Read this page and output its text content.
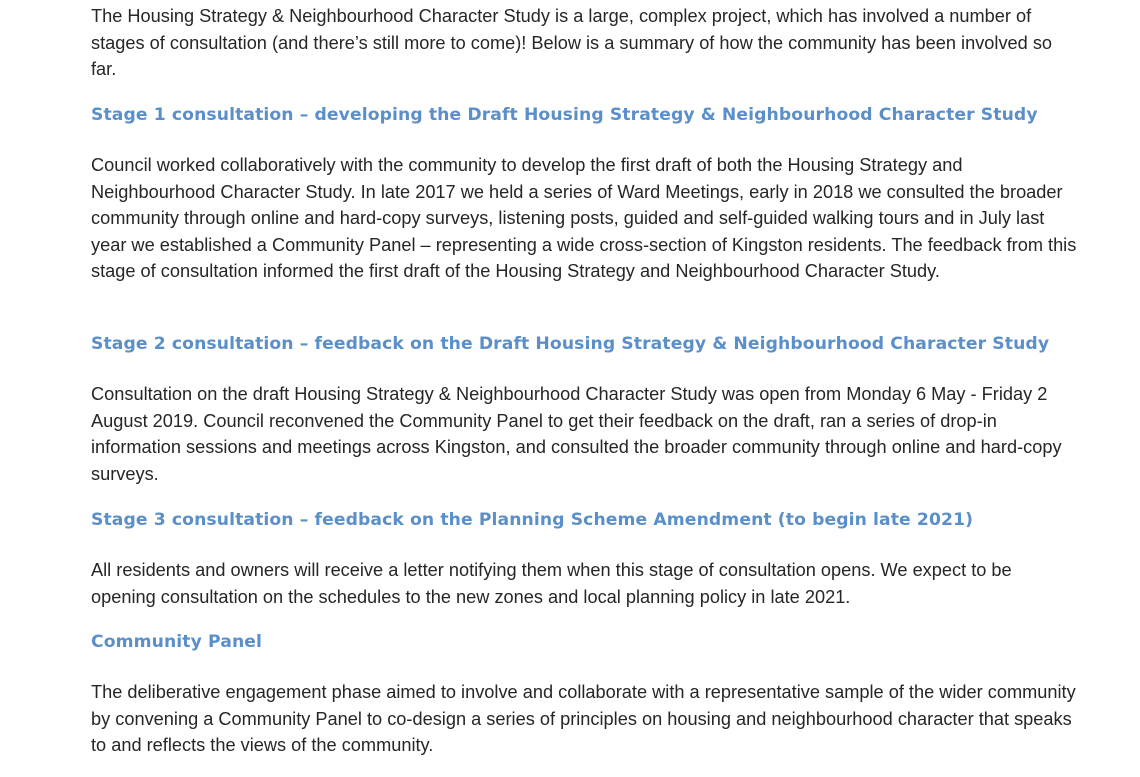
The Housing Strategy & Neighbourhood Character Study is a large, complex project, which has involved a number of stages of consultation (and there’s still more to come)! Below is a summary of how the community has been involved so far.

Stage 1 consultation – developing the Draft Housing Strategy & Neighbourhood Character Study

Council worked collaboratively with the community to develop the first draft of both the Housing Strategy and Neighbourhood Character Study. In late 2017 we held a series of Ward Meetings, early in 2018 we consulted the broader community through online and hard-copy surveys, listening posts, guided and self-guided walking tours and in July last year we established a Community Panel – representing a wide cross-section of Kingston residents. The feedback from this stage of consultation informed the first draft of the Housing Strategy and Neighbourhood Character Study.

Stage 2 consultation – feedback on the Draft Housing Strategy & Neighbourhood Character Study

Consultation on the draft Housing Strategy & Neighbourhood Character Study was open from Monday 6 May - Friday 2 August 2019. Council reconvened the Community Panel to get their feedback on the draft, ran a series of drop-in information sessions and meetings across Kingston, and consulted the broader community through online and hard-copy surveys.

Stage 3 consultation – feedback on the Planning Scheme Amendment (to begin late 2021)

All residents and owners will receive a letter notifying them when this stage of consultation opens. We expect to be opening consultation on the schedules to the new zones and local planning policy in late 2021.

Community Panel

The deliberative engagement phase aimed to involve and collaborate with a representative sample of the wider community by convening a Community Panel to co-design a series of principles on housing and neighbourhood character that speaks to and reflects the views of the community.
